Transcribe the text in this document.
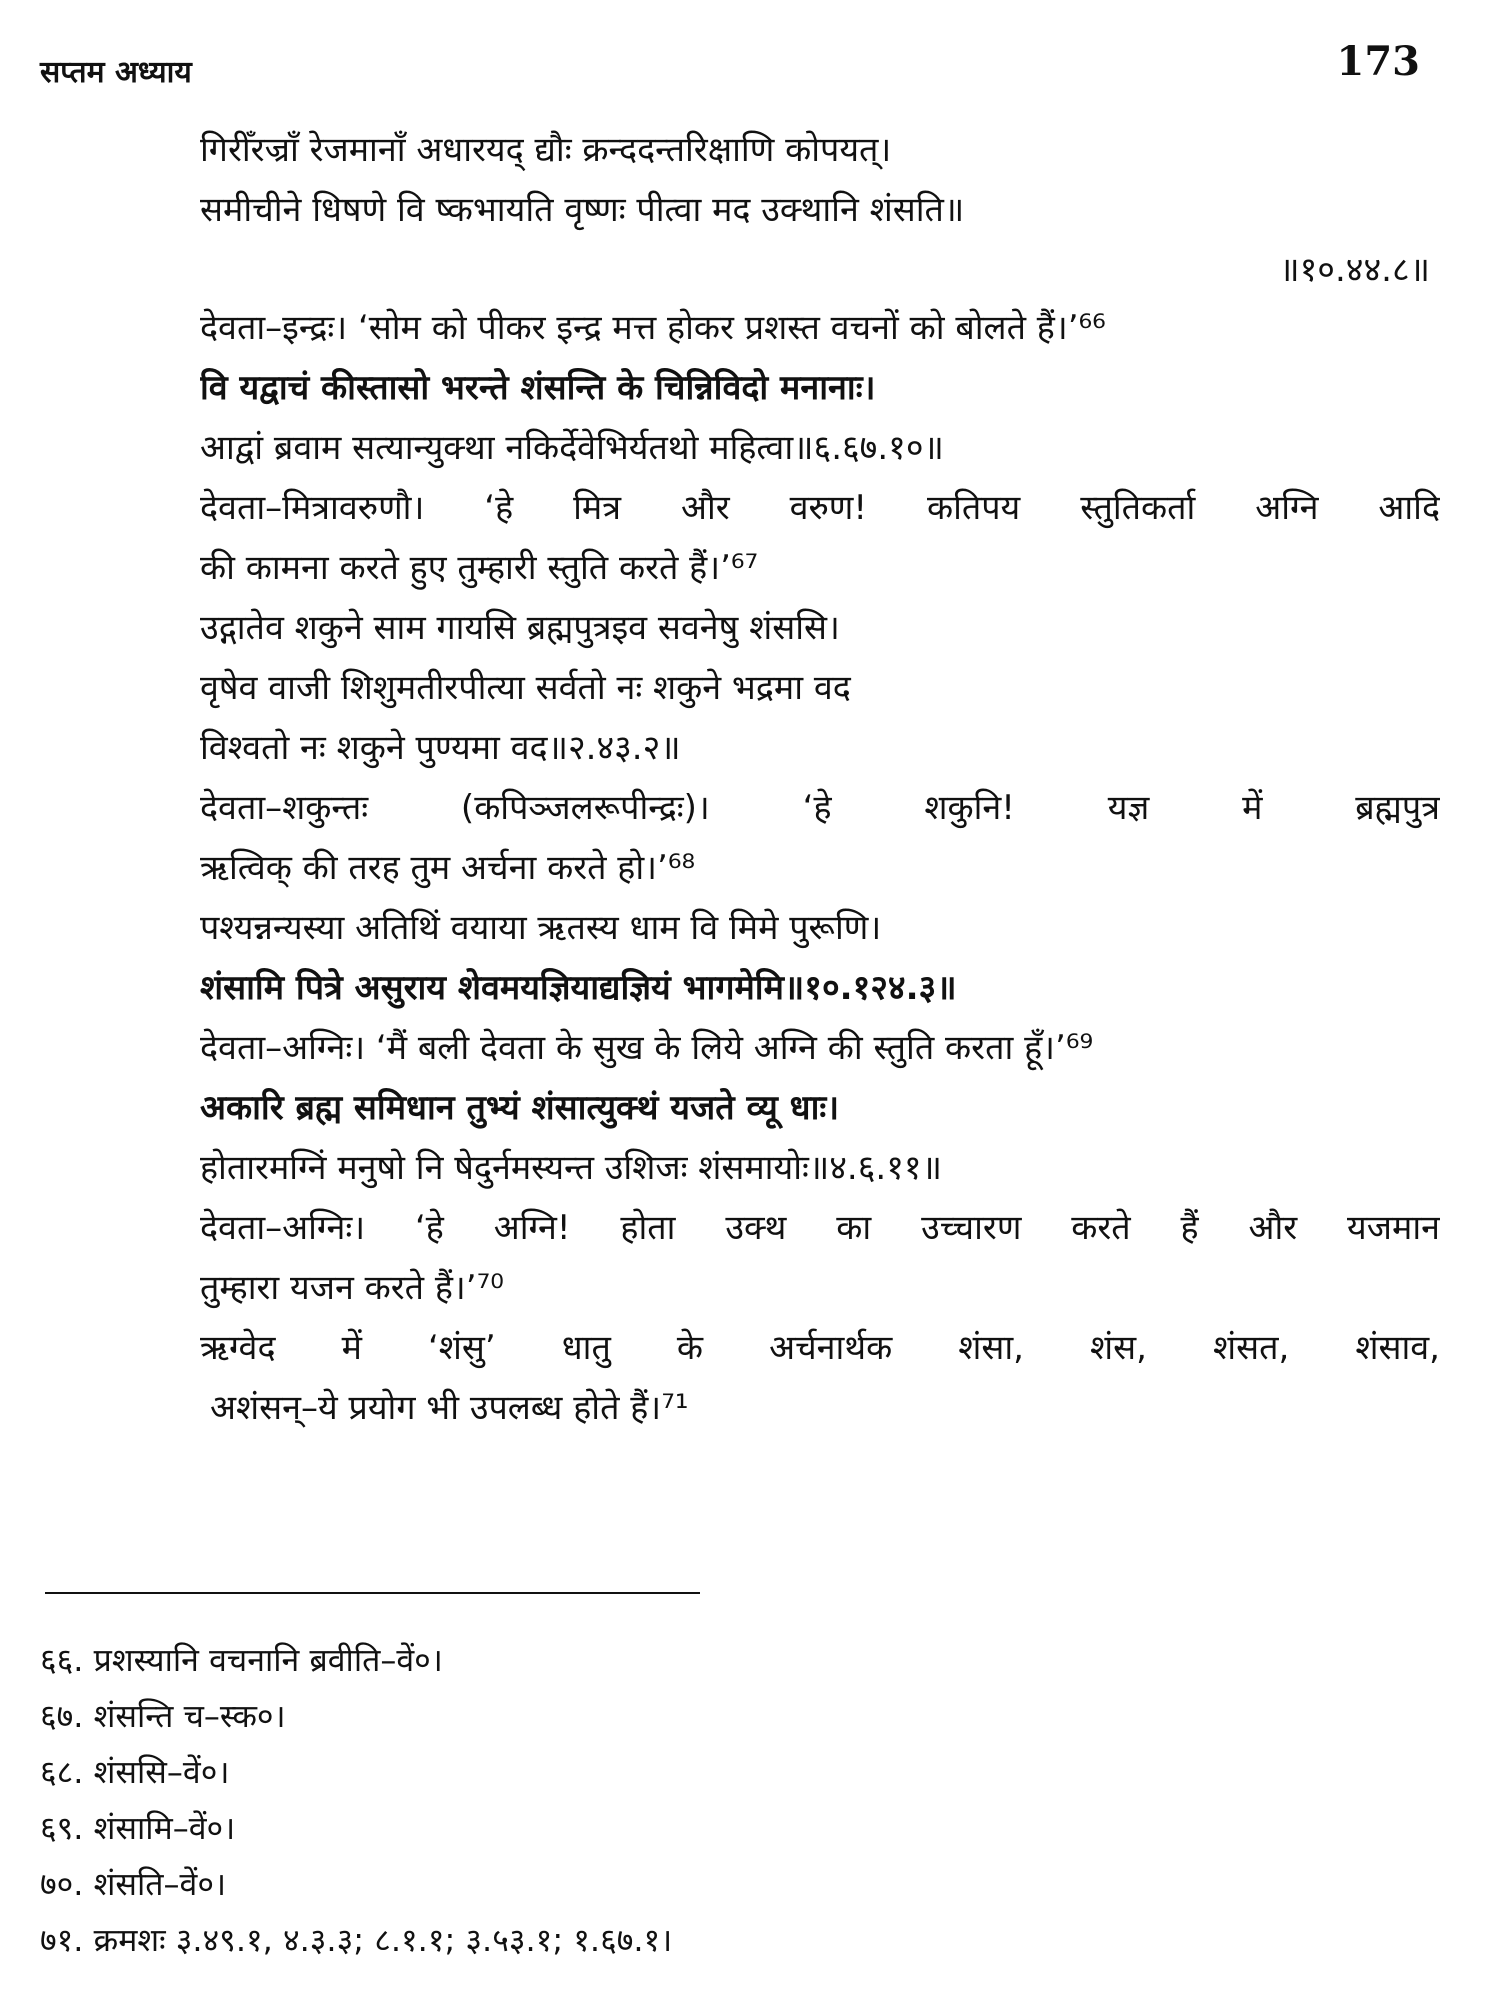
सप्तम अध्याय	173
गिरीँरज्राँ रेजमानाँ अधारयद् द्यौः क्रन्ददन्तरिक्षाणि कोपयत्।
समीचीने धिषणे वि ष्कभायति वृष्णः पीत्वा मद उक्थानि शंसति॥
॥१०.४४.८॥
देवता–इन्द्रः। ‘सोम को पीकर इन्द्र मत्त होकर प्रशस्त वचनों को बोलते हैं।’⁶⁶
वि यद्वाचं कीस्तासो भरन्ते शंसन्ति के चिन्निविदो मनानाः।
आद्वां ब्रवाम सत्यान्युक्था नकिर्देवेभिर्यतथो महित्वा॥६.६७.१०॥
देवता–मित्रावरुणौ। ‘हे मित्र और वरुण! कतिपय स्तुतिकर्ता अग्नि आदि
की कामना करते हुए तुम्हारी स्तुति करते हैं।’⁶⁷
उद्गातेव शकुने साम गायसि ब्रह्मपुत्रइव सवनेषु शंससि।
वृषेव वाजी शिशुमतीरपीत्या सर्वतो नः शकुने भद्रमा वद
विश्वतो नः शकुने पुण्यमा वद॥२.४३.२॥
देवता–शकुन्तः (कपिञ्जलरूपीन्द्रः)। ‘हे शकुनि! यज्ञ में ब्रह्मपुत्र
ऋत्विक् की तरह तुम अर्चना करते हो।’⁶⁸
पश्यन्नन्यस्या अतिथिं वयाया ऋतस्य धाम वि मिमे पुरूणि।
शंसामि पित्रे असुराय शेवमयज्ञियाद्यज्ञियं भागमेमि॥१०.१२४.३॥
देवता–अग्निः। ‘मैं बली देवता के सुख के लिये अग्नि की स्तुति करता हूँ।’⁶⁹
अकारि ब्रह्म समिधान तुभ्यं शंसात्युक्थं यजते व्यू धाः।
होतारमग्निं मनुषो नि षेदुर्नमस्यन्त उशिजः शंसमायोः॥४.६.११॥
देवता–अग्निः। ‘हे अग्नि! होता उक्थ का उच्चारण करते हैं और यजमान
तुम्हारा यजन करते हैं।’⁷⁰
ऋग्वेद में ‘शंसु’ धातु के अर्चनार्थक शंसा, शंस, शंसत, शंसाव,
अशंसन्–ये प्रयोग भी उपलब्ध होते हैं।⁷¹
६६. प्रशस्यानि वचनानि ब्रवीति–वें०।
६७. शंसन्ति च–स्क०।
६८. शंससि–वें०।
६९. शंसामि–वें०।
७०. शंसति–वें०।
७१. क्रमशः ३.४९.१, ४.३.३; ८.१.१; ३.५३.१; १.६७.१।
